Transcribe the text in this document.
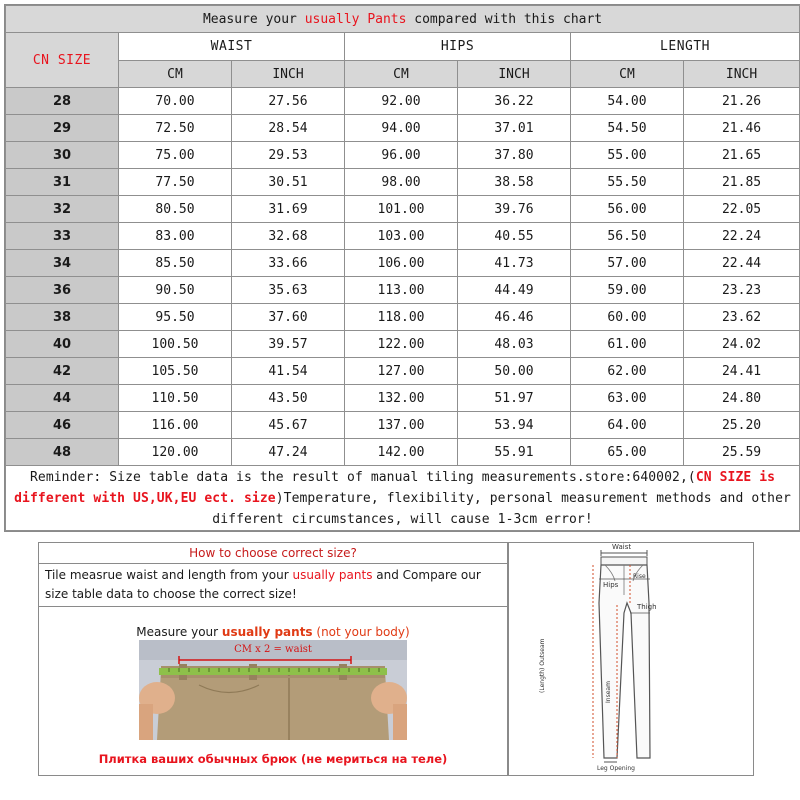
Measure your usually Pants compared with this chart						
CN SIZE	WAIST		HIPS		LENGTH	
	CM	INCH	CM	INCH	CM	INCH
28	70.00	27.56	92.00	36.22	54.00	21.26
29	72.50	28.54	94.00	37.01	54.50	21.46
30	75.00	29.53	96.00	37.80	55.00	21.65
31	77.50	30.51	98.00	38.58	55.50	21.85
32	80.50	31.69	101.00	39.76	56.00	22.05
33	83.00	32.68	103.00	40.55	56.50	22.24
34	85.50	33.66	106.00	41.73	57.00	22.44
36	90.50	35.63	113.00	44.49	59.00	23.23
38	95.50	37.60	118.00	46.46	60.00	23.62
40	100.50	39.57	122.00	48.03	61.00	24.02
42	105.50	41.54	127.00	50.00	62.00	24.41
44	110.50	43.50	132.00	51.97	63.00	24.80
46	116.00	45.67	137.00	53.94	64.00	25.20
48	120.00	47.24	142.00	55.91	65.00	25.59
Reminder: Size table data is the result of manual tiling measurements.store:640002,(CN SIZE is different with US,UK,EU ect. size)Temperature, flexibility, personal measurement methods and other different circumstances, will cause 1-3cm error!						
How to choose correct size?
Tile measrue waist and length from your usually pants and Compare our size table data to choose the correct size!
Measure your usually pants (not your body)
CM x 2 = waist
Плитка ваших обычных брюк (не мериться на теле)
Waist
Hips
Rise
Thigh
(Length) Outseam	Inseam
Leg Opening
